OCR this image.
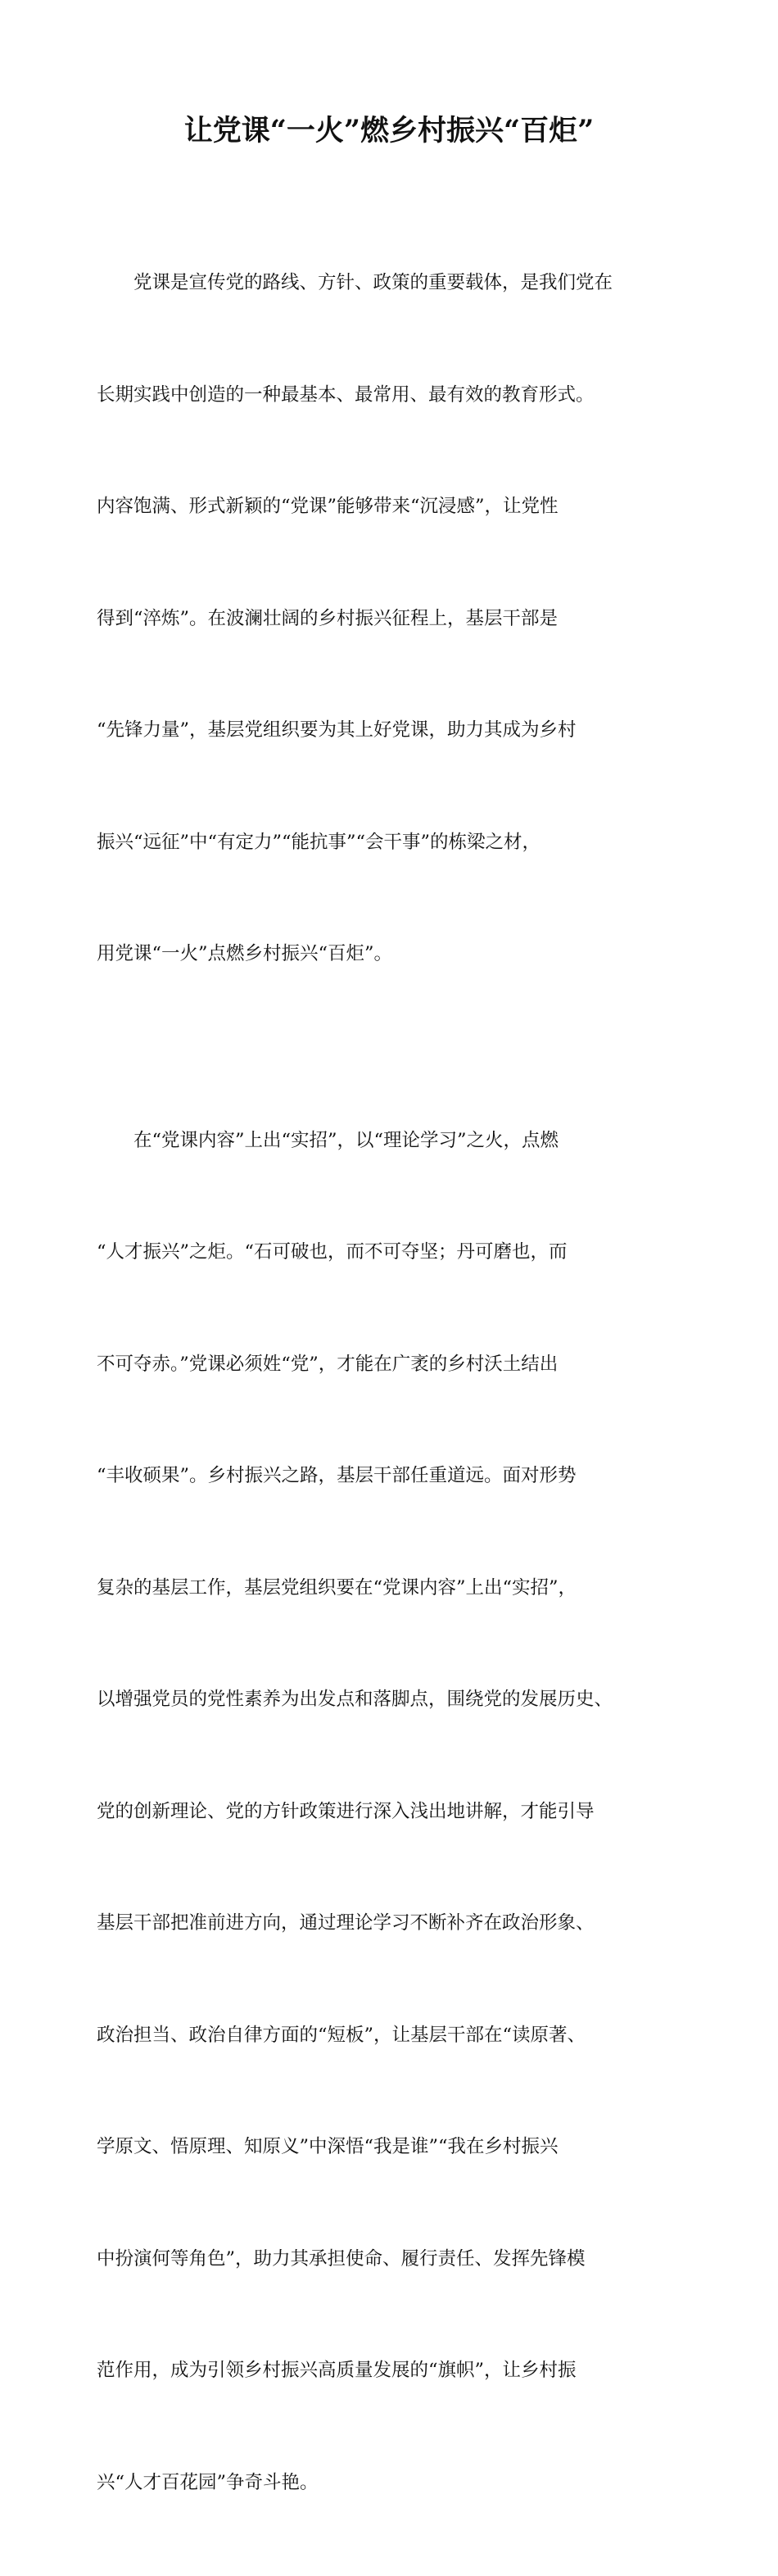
让党课“一火”燃乡村振兴“百炬”

　　党课是宣传党的路线、方针、政策的重要载体，是我们党在

长期实践中创造的一种最基本、最常用、最有效的教育形式。

内容饱满、形式新颖的“党课”能够带来“沉浸感”，让党性

得到“淬炼”。在波澜壮阔的乡村振兴征程上，基层干部是

“先锋力量”，基层党组织要为其上好党课，助力其成为乡村

振兴“远征”中“有定力”“能抗事”“会干事”的栋梁之材，

用党课“一火”点燃乡村振兴“百炬”。

　　在“党课内容”上出“实招”，以“理论学习”之火，点燃

“人才振兴”之炬。“石可破也，而不可夺坚；丹可磨也，而

不可夺赤。”党课必须姓“党”，才能在广袤的乡村沃土结出

“丰收硕果”。乡村振兴之路，基层干部任重道远。面对形势

复杂的基层工作，基层党组织要在“党课内容”上出“实招”，

以增强党员的党性素养为出发点和落脚点，围绕党的发展历史、

党的创新理论、党的方针政策进行深入浅出地讲解，才能引导

基层干部把准前进方向，通过理论学习不断补齐在政治形象、

政治担当、政治自律方面的“短板”，让基层干部在“读原著、

学原文、悟原理、知原义”中深悟“我是谁”“我在乡村振兴

中扮演何等角色”，助力其承担使命、履行责任、发挥先锋模

范作用，成为引领乡村振兴高质量发展的“旗帜”，让乡村振

兴“人才百花园”争奇斗艳。
